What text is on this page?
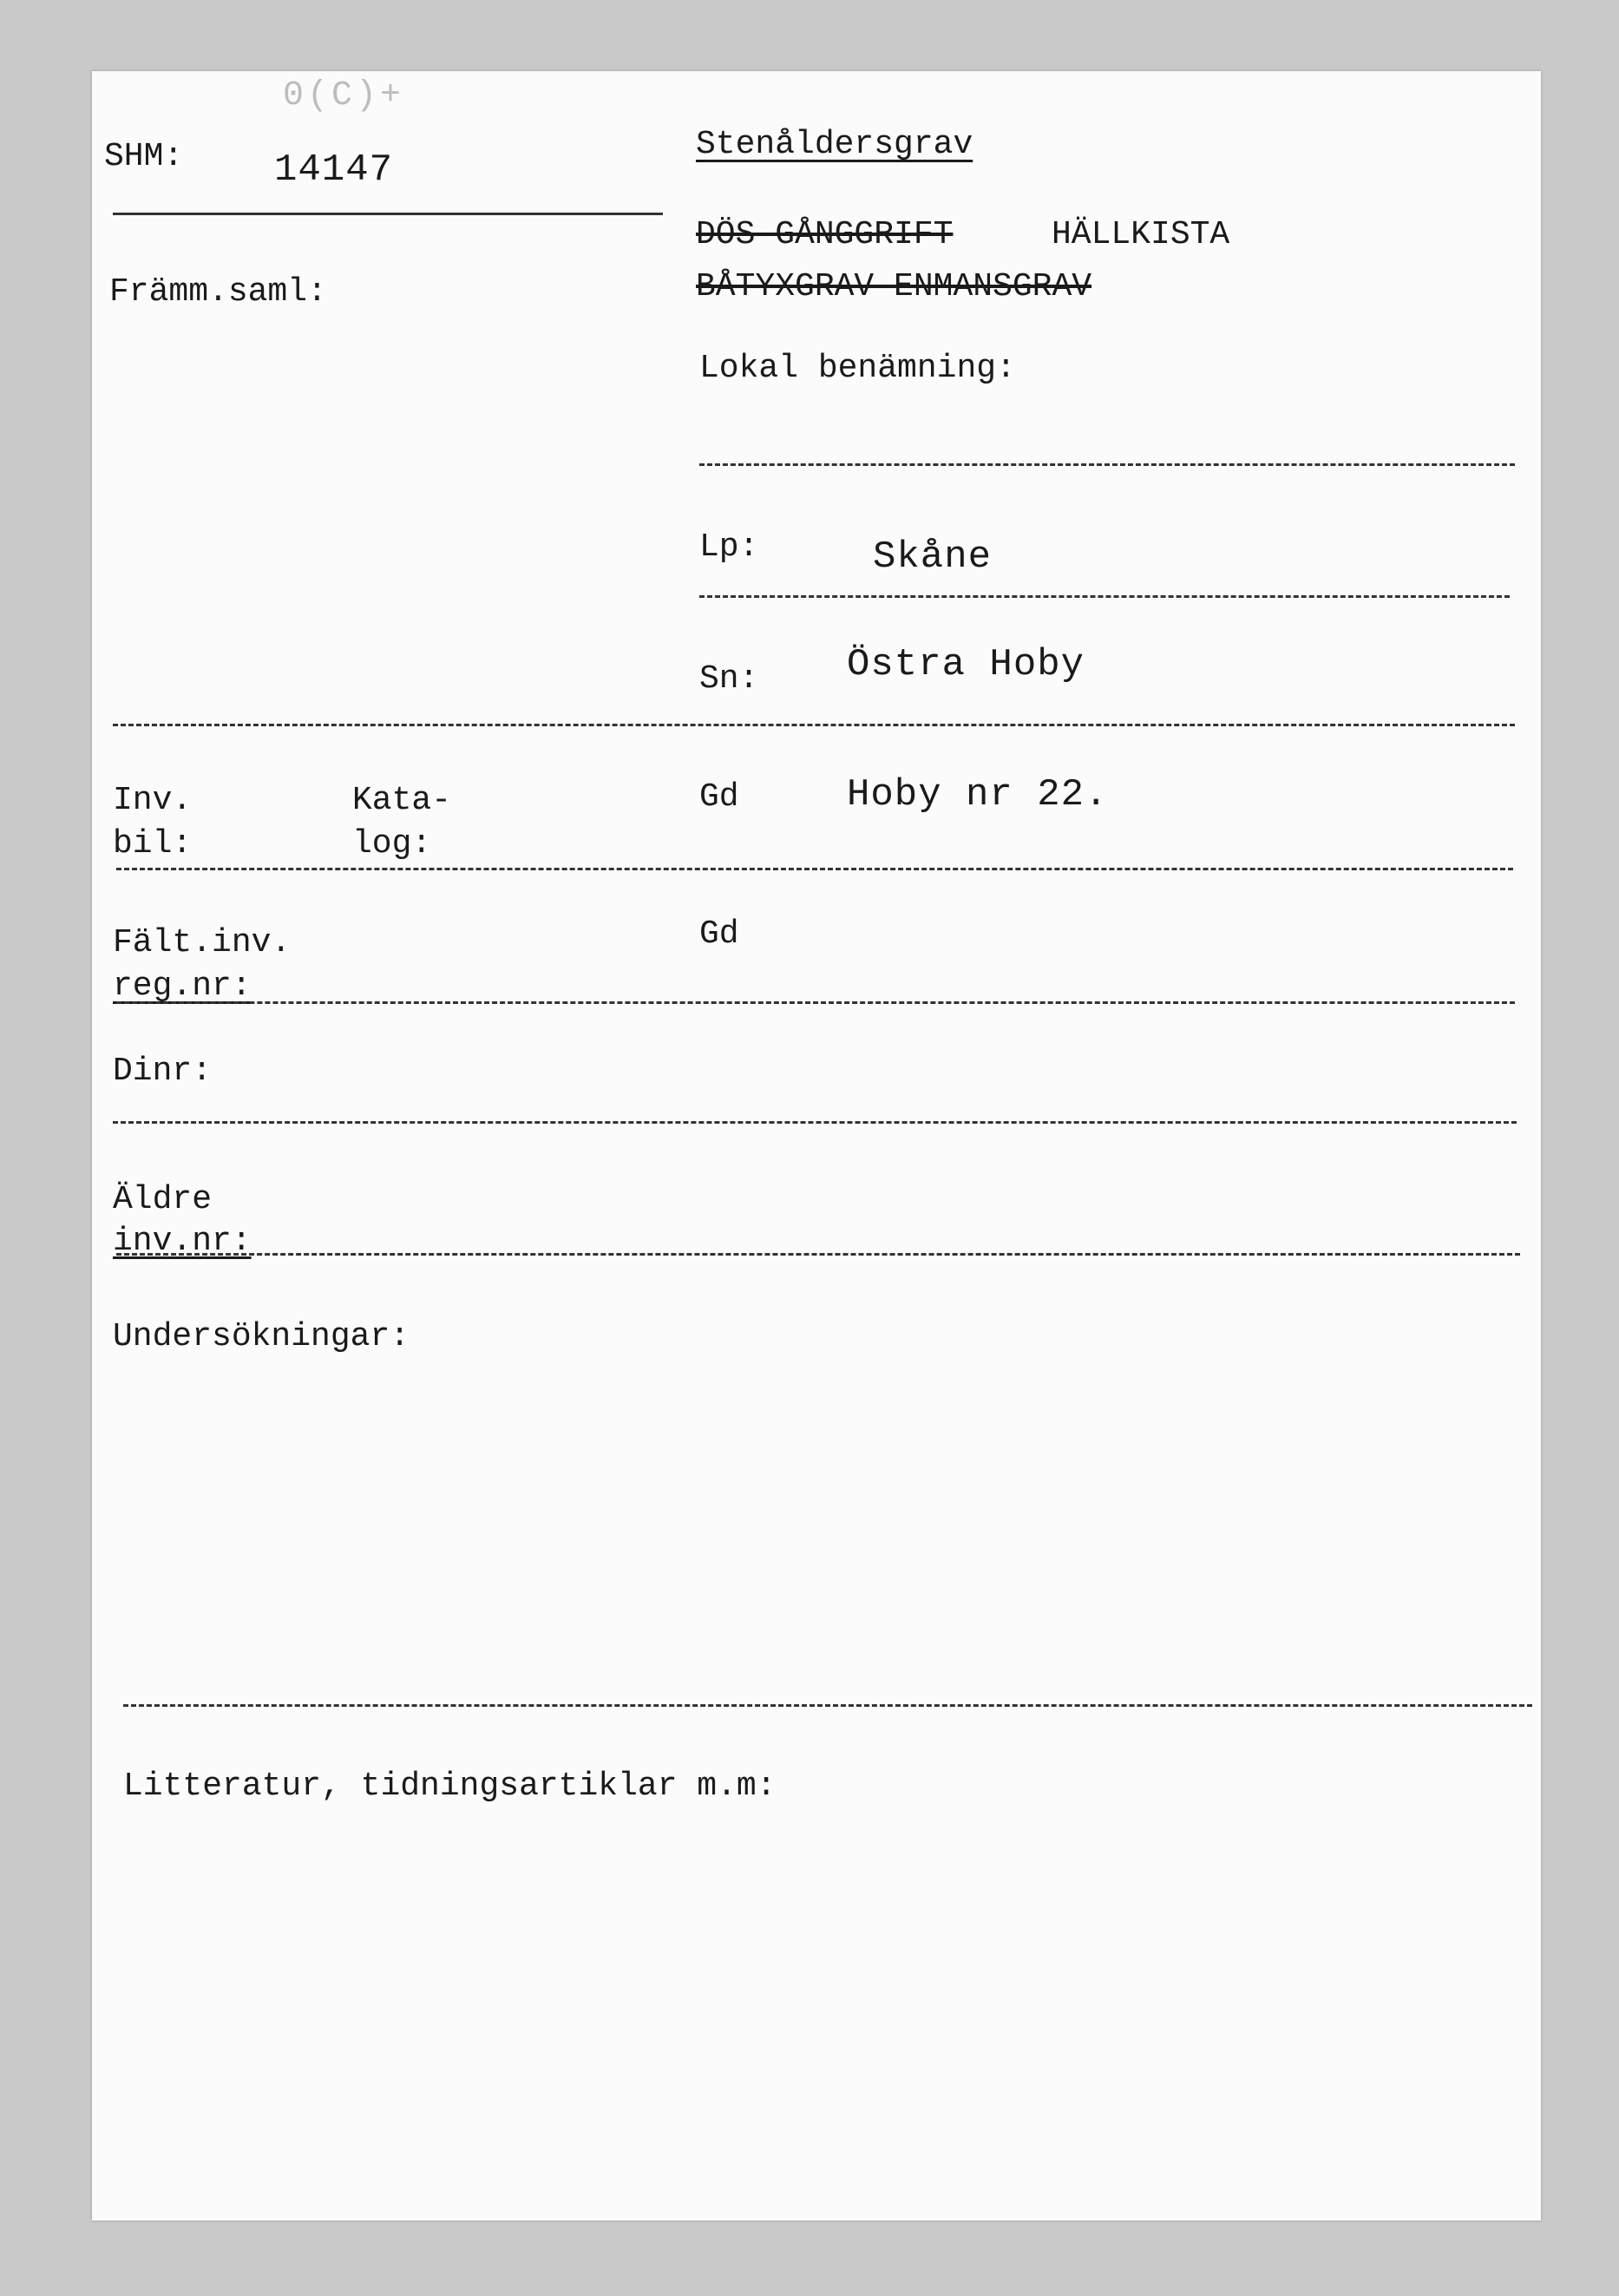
0(C)+
SHM: 14147
Stenåldersgrav
DÖS GÅNGGRIFT	HÄLLKISTA
BÅTYXGRAV ENMANSGRAV
Främm.saml:
Lokal benämning:
Lp:	Skåne
Sn: Östra Hoby
Inv.
bil:
Kata-
log:
Gd	Hoby nr 22.
Fält.inv.
reg.nr:
Gd
Dinr:
Äldre
inv.nr:
Undersökningar:
Litteratur, tidningsartiklar m.m:
